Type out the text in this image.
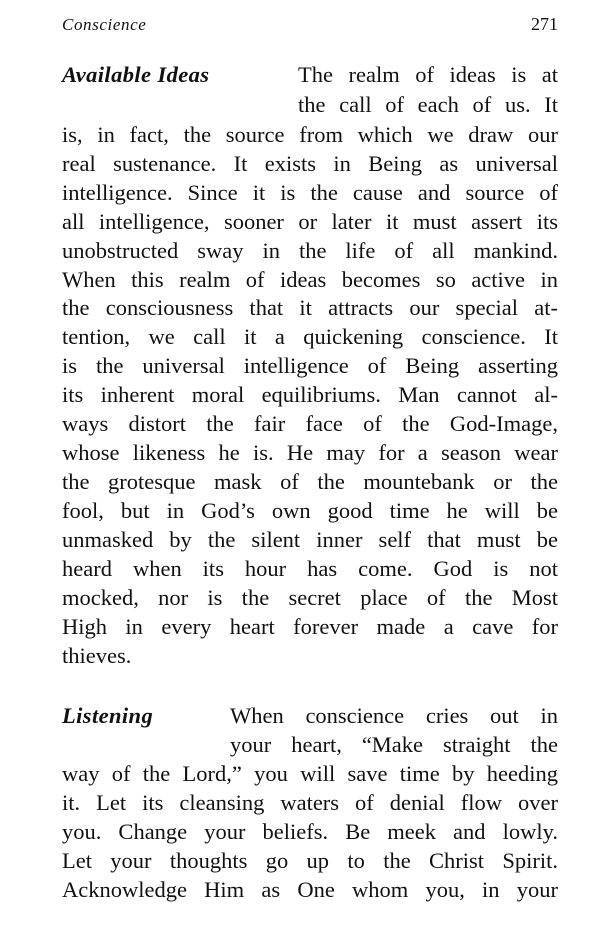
Conscience	271
Available Ideas	The realm of ideas is at
the call of each of us. It
is, in fact, the source from which we draw our
real sustenance. It exists in Being as universal
intelligence. Since it is the cause and source of
all intelligence, sooner or later it must assert its
unobstructed sway in the life of all mankind.
When this realm of ideas becomes so active in
the consciousness that it attracts our special at-
tention, we call it a quickening conscience. It
is the universal intelligence of Being asserting
its inherent moral equilibriums. Man cannot al-
ways distort the fair face of the God-Image,
whose likeness he is. He may for a season wear
the grotesque mask of the mountebank or the
fool, but in God’s own good time he will be
unmasked by the silent inner self that must be
heard when its hour has come. God is not
mocked, nor is the secret place of the Most
High in every heart forever made a cave for
thieves.
Listening	When conscience cries out in
your heart, “Make straight the
way of the Lord,” you will save time by heeding
it. Let its cleansing waters of denial flow over
you. Change your beliefs. Be meek and lowly.
Let your thoughts go up to the Christ Spirit.
Acknowledge Him as One whom you, in your
